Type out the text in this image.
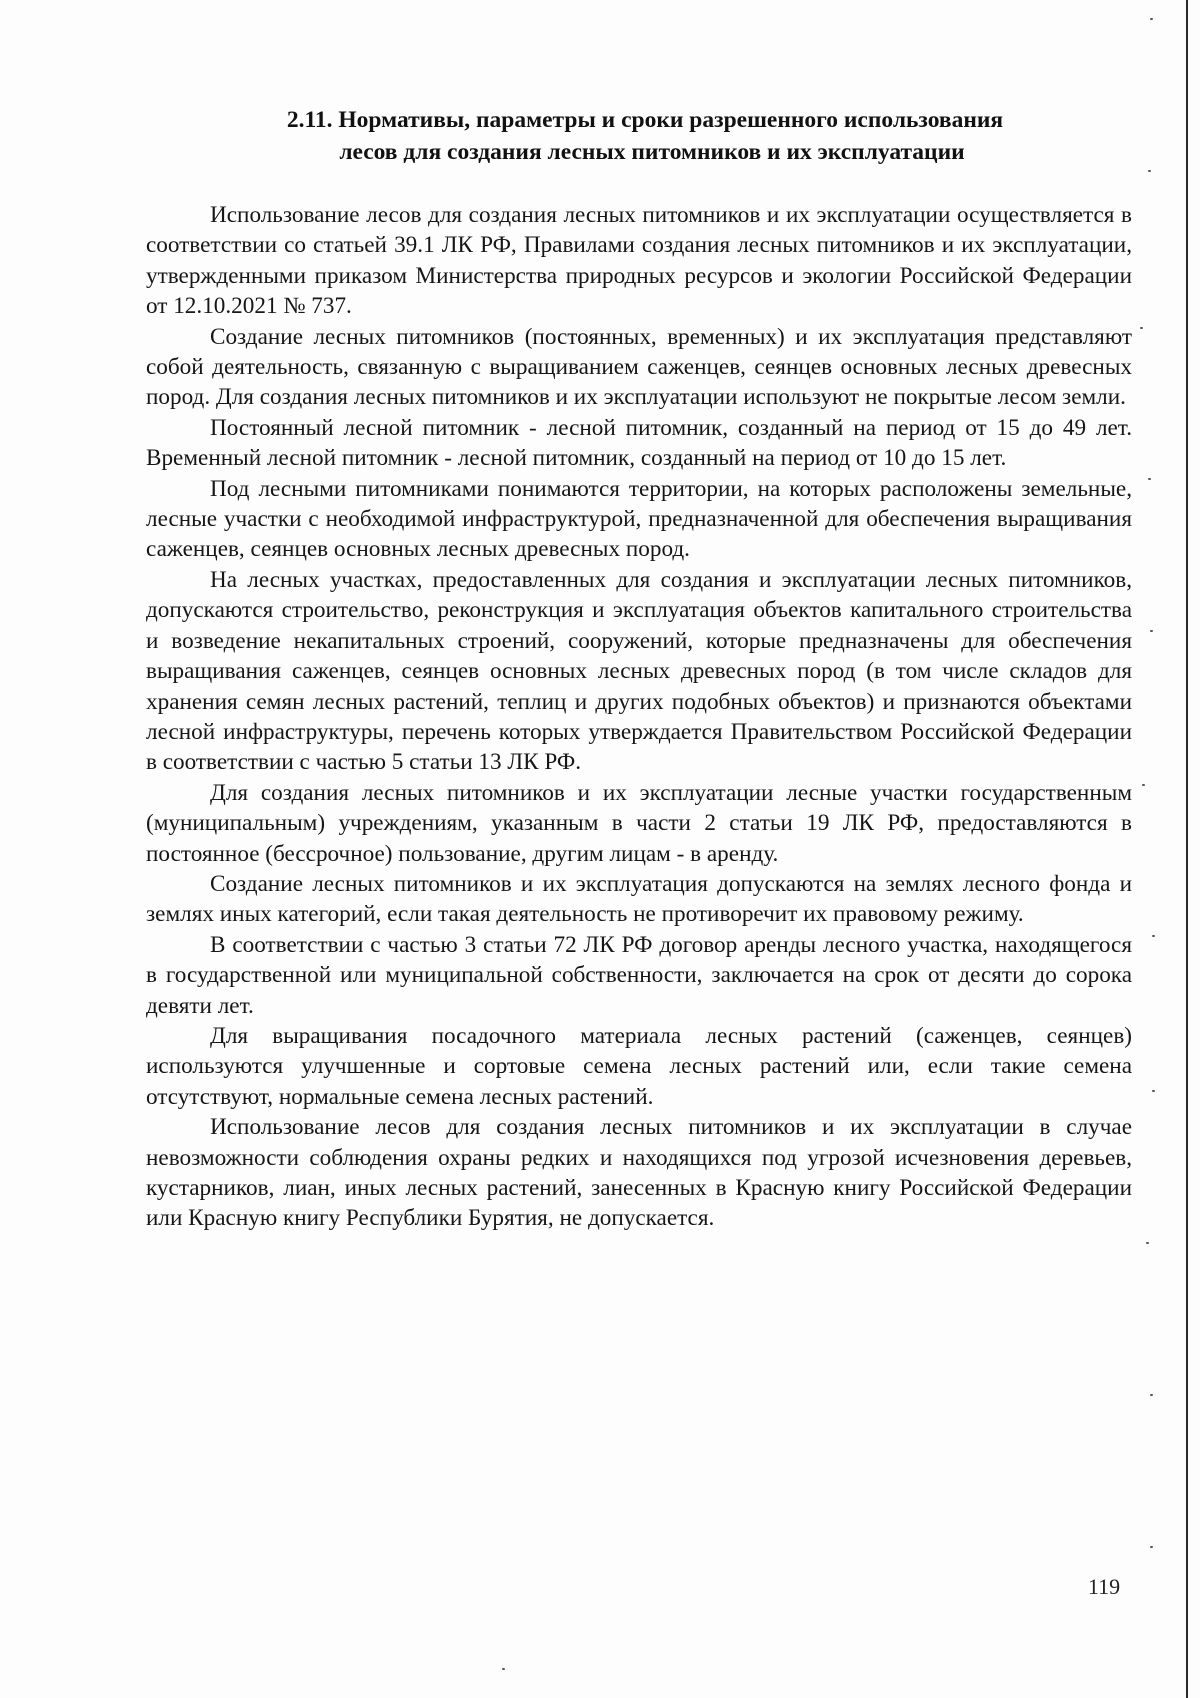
2.11. Нормативы, параметры и сроки разрешенного использования
лесов для создания лесных питомников и их эксплуатации

Использование лесов для создания лесных питомников и их эксплуатации осуществляется в соответствии со статьей 39.1 ЛК РФ, Правилами создания лесных питомников и их эксплуатации, утвержденными приказом Министерства природных ресурсов и экологии Российской Федерации от 12.10.2021 № 737.

Создание лесных питомников (постоянных, временных) и их эксплуатация представляют собой деятельность, связанную с выращиванием саженцев, сеянцев основных лесных древесных пород. Для создания лесных питомников и их эксплуатации используют не покрытые лесом земли.

Постоянный лесной питомник - лесной питомник, созданный на период от 15 до 49 лет. Временный лесной питомник - лесной питомник, созданный на период от 10 до 15 лет.

Под лесными питомниками понимаются территории, на которых расположены земельные, лесные участки с необходимой инфраструктурой, предназначенной для обеспечения выращивания саженцев, сеянцев основных лесных древесных пород.

На лесных участках, предоставленных для создания и эксплуатации лесных питомников, допускаются строительство, реконструкция и эксплуатация объектов капитального строительства и возведение некапитальных строений, сооружений, которые предназначены для обеспечения выращивания саженцев, сеянцев основных лесных древесных пород (в том числе складов для хранения семян лесных растений, теплиц и других подобных объектов) и признаются объектами лесной инфраструктуры, перечень которых утверждается Правительством Российской Федерации в соответствии с частью 5 статьи 13 ЛК РФ.

Для создания лесных питомников и их эксплуатации лесные участки государственным (муниципальным) учреждениям, указанным в части 2 статьи 19 ЛК РФ, предоставляются в постоянное (бессрочное) пользование, другим лицам - в аренду.

Создание лесных питомников и их эксплуатация допускаются на землях лесного фонда и землях иных категорий, если такая деятельность не противоречит их правовому режиму.

В соответствии с частью 3 статьи 72 ЛК РФ договор аренды лесного участка, находящегося в государственной или муниципальной собственности, заключается на срок от десяти до сорока девяти лет.

Для выращивания посадочного материала лесных растений (саженцев, сеянцев) используются улучшенные и сортовые семена лесных растений или, если такие семена отсутствуют, нормальные семена лесных растений.

Использование лесов для создания лесных питомников и их эксплуатации в случае невозможности соблюдения охраны редких и находящихся под угрозой исчезновения деревьев, кустарников, лиан, иных лесных растений, занесенных в Красную книгу Российской Федерации или Красную книгу Республики Бурятия, не допускается.

119
